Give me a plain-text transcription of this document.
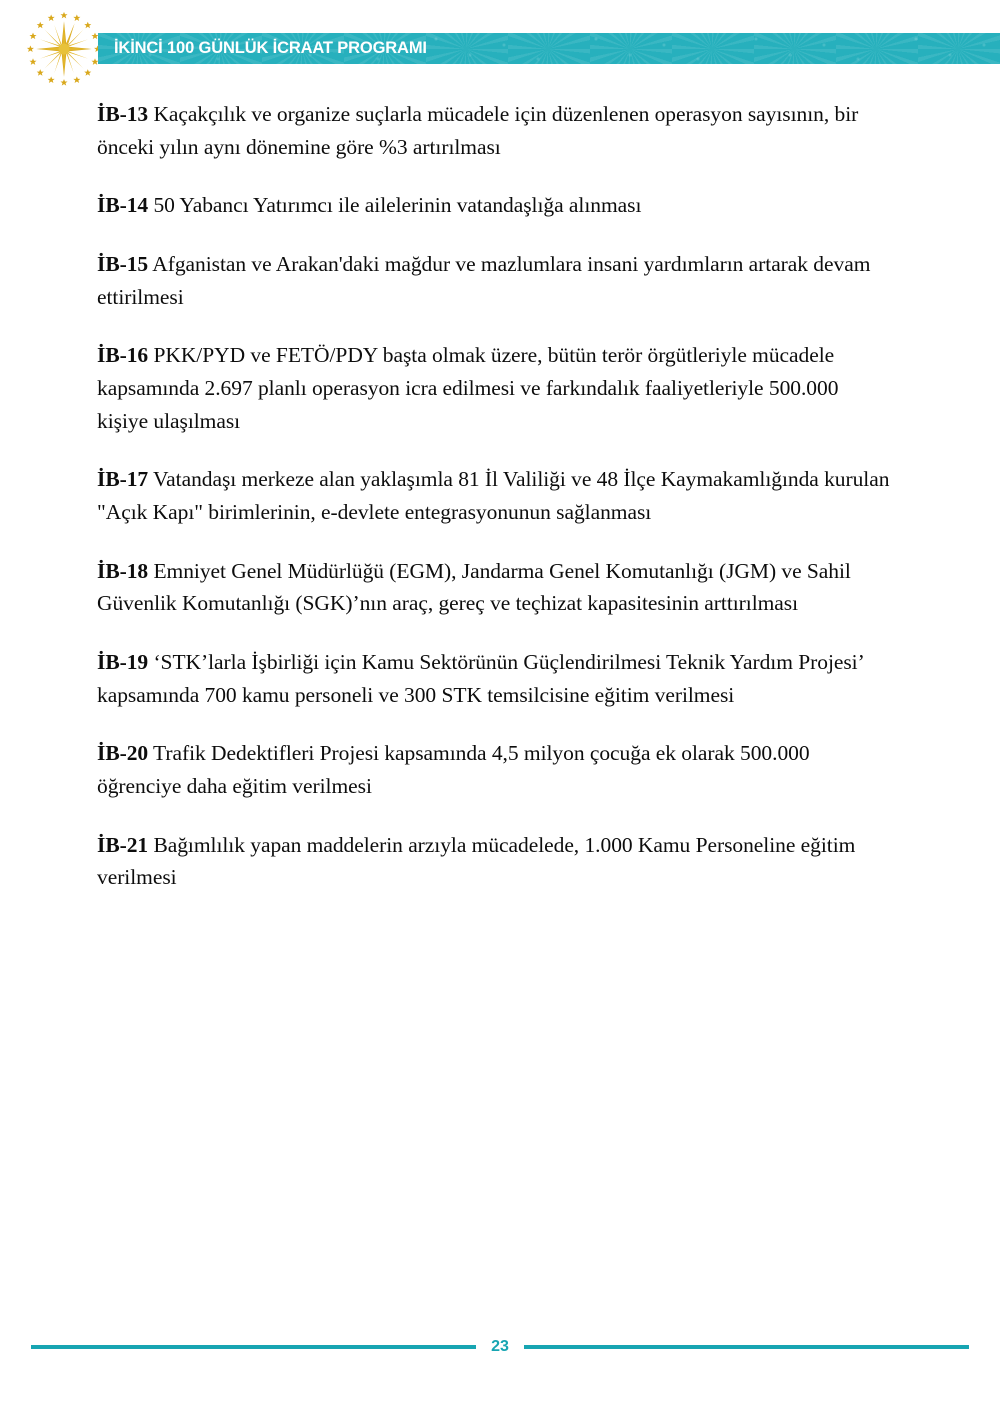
İKİNCİ 100 GÜNLÜK İCRAAT PROGRAMI

İB-13 Kaçakçılık ve organize suçlarla mücadele için düzenlenen operasyon sayısının, bir önceki yılın aynı dönemine göre %3 artırılması

İB-14 50 Yabancı Yatırımcı ile ailelerinin vatandaşlığa alınması

İB-15 Afganistan ve Arakan'daki mağdur ve mazlumlara insani yardımların artarak devam ettirilmesi

İB-16 PKK/PYD ve FETÖ/PDY başta olmak üzere, bütün terör örgütleriyle mücadele kapsamında 2.697 planlı operasyon icra edilmesi ve farkındalık faaliyetleriyle 500.000 kişiye ulaşılması

İB-17 Vatandaşı merkeze alan yaklaşımla 81 İl Valiliği ve 48 İlçe Kaymakamlığında kurulan "Açık Kapı" birimlerinin, e-devlete entegrasyonunun sağlanması

İB-18 Emniyet Genel Müdürlüğü (EGM), Jandarma Genel Komutanlığı (JGM) ve Sahil Güvenlik Komutanlığı (SGK)’nın araç, gereç ve teçhizat kapasitesinin arttırılması

İB-19 ‘STK’larla İşbirliği için Kamu Sektörünün Güçlendirilmesi Teknik Yardım Projesi’ kapsamında 700 kamu personeli ve 300 STK temsilcisine eğitim verilmesi

İB-20 Trafik Dedektifleri Projesi kapsamında 4,5 milyon çocuğa ek olarak 500.000 öğrenciye daha eğitim verilmesi

İB-21 Bağımlılık yapan maddelerin arzıyla mücadelede, 1.000 Kamu Personeline eğitim verilmesi

23
